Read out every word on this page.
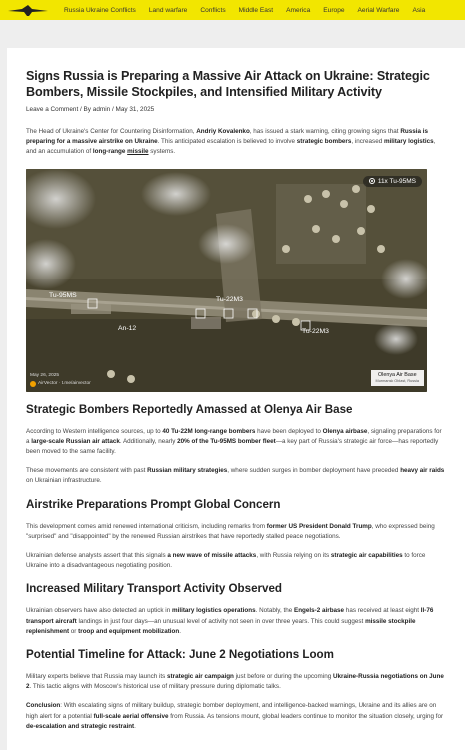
Russia Ukraine Conflicts Land warfare Conflicts Middle East America Europe Aerial Warfare Asia
Signs Russia is Preparing a Massive Air Attack on Ukraine: Strategic Bombers, Missile Stockpiles, and Intensified Military Activity
Leave a Comment / By admin / May 31, 2025

The Head of Ukraine's Center for Countering Disinformation, Andriy Kovalenko, has issued a stark warning, citing growing signs that Russia is preparing for a massive airstrike on Ukraine. This anticipated escalation is believed to involve strategic bombers, increased military logistics, and an accumulation of long-range missile systems.

11x Tu-95MS
Tu-95MS
Tu-22M3
An-12	Tu-22M3
May 26, 2025
AirVector · t.me/airvector
Olenya Air Base
Murmansk Oblast, Russia
Strategic Bombers Reportedly Amassed at Olenya Air Base

According to Western intelligence sources, up to 40 Tu-22M long-range bombers have been deployed to Olenya airbase, signaling preparations for a large-scale Russian air attack. Additionally, nearly 20% of the Tu-95MS bomber fleet—a key part of Russia's strategic air force—has reportedly been moved to the same facility.

These movements are consistent with past Russian military strategies, where sudden surges in bomber deployment have preceded heavy air raids on Ukrainian infrastructure.

Airstrike Preparations Prompt Global Concern

This development comes amid renewed international criticism, including remarks from former US President Donald Trump, who expressed being "surprised" and "disappointed" by the renewed Russian airstrikes that have reportedly stalled peace negotiations.

Ukrainian defense analysts assert that this signals a new wave of missile attacks, with Russia relying on its strategic air capabilities to force Ukraine into a disadvantageous negotiating position.

Increased Military Transport Activity Observed

Ukrainian observers have also detected an uptick in military logistics operations. Notably, the Engels-2 airbase has received at least eight Il-76 transport aircraft landings in just four days—an unusual level of activity not seen in over three years. This could suggest missile stockpile replenishment or troop and equipment mobilization.

Potential Timeline for Attack: June 2 Negotiations Loom

Military experts believe that Russia may launch its strategic air campaign just before or during the upcoming Ukraine-Russia negotiations on June 2. This tactic aligns with Moscow's historical use of military pressure during diplomatic talks.

Conclusion: With escalating signs of military buildup, strategic bomber deployment, and intelligence-backed warnings, Ukraine and its allies are on high alert for a potential full-scale aerial offensive from Russia. As tensions mount, global leaders continue to monitor the situation closely, urging for de-escalation and strategic restraint.
